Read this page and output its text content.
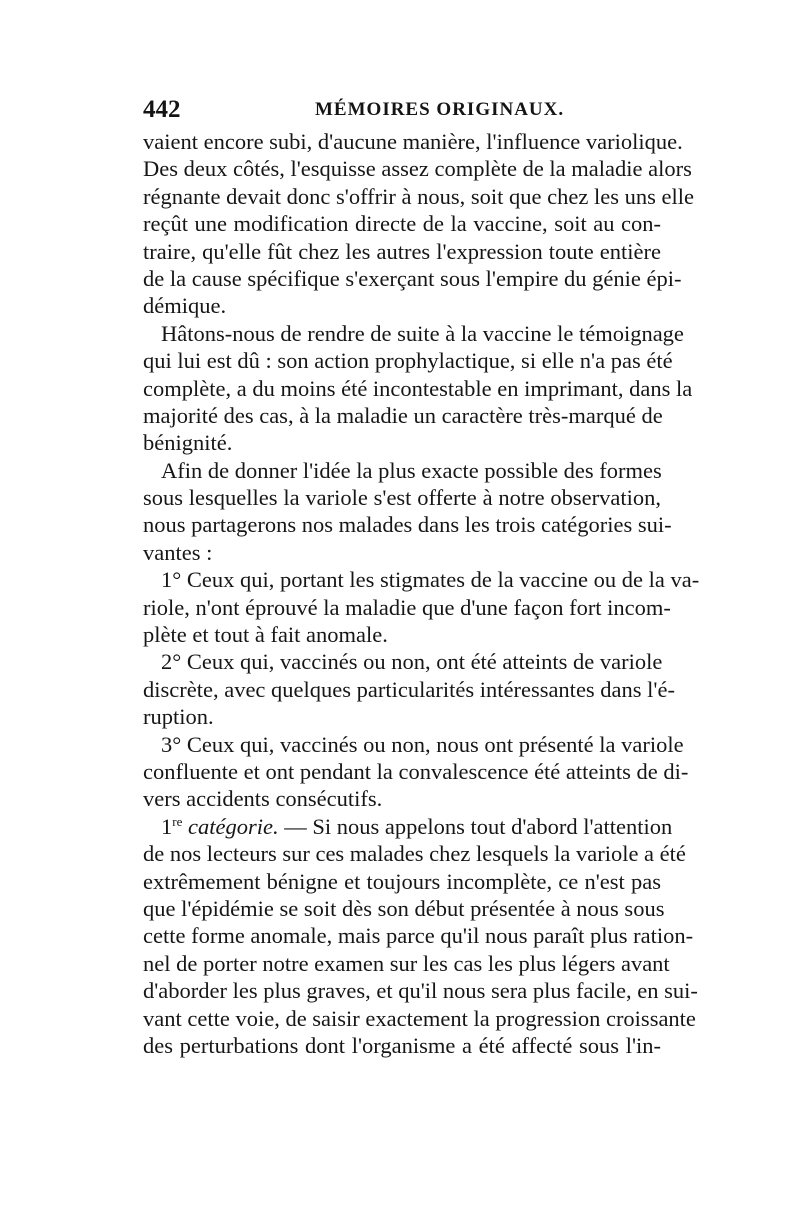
442	MÉMOIRES ORIGINAUX.
vaient encore subi, d'aucune manière, l'influence variolique.
Des deux côtés, l'esquisse assez complète de la maladie alors
régnante devait donc s'offrir à nous, soit que chez les uns elle
reçût une modification directe de la vaccine, soit au con-
traire, qu'elle fût chez les autres l'expression toute entière
de la cause spécifique s'exerçant sous l'empire du génie épi-
démique.
Hâtons-nous de rendre de suite à la vaccine le témoignage
qui lui est dû : son action prophylactique, si elle n'a pas été
complète, a du moins été incontestable en imprimant, dans la
majorité des cas, à la maladie un caractère très-marqué de
bénignité.
Afin de donner l'idée la plus exacte possible des formes
sous lesquelles la variole s'est offerte à notre observation,
nous partagerons nos malades dans les trois catégories sui-
vantes :
1° Ceux qui, portant les stigmates de la vaccine ou de la va-
riole, n'ont éprouvé la maladie que d'une façon fort incom-
plète et tout à fait anomale.
2° Ceux qui, vaccinés ou non, ont été atteints de variole
discrète, avec quelques particularités intéressantes dans l'é-
ruption.
3° Ceux qui, vaccinés ou non, nous ont présenté la variole
confluente et ont pendant la convalescence été atteints de di-
vers accidents consécutifs.
1re catégorie. — Si nous appelons tout d'abord l'attention
de nos lecteurs sur ces malades chez lesquels la variole a été
extrêmement bénigne et toujours incomplète, ce n'est pas
que l'épidémie se soit dès son début présentée à nous sous
cette forme anomale, mais parce qu'il nous paraît plus ration-
nel de porter notre examen sur les cas les plus légers avant
d'aborder les plus graves, et qu'il nous sera plus facile, en sui-
vant cette voie, de saisir exactement la progression croissante
des perturbations dont l'organisme a été affecté sous l'in-
